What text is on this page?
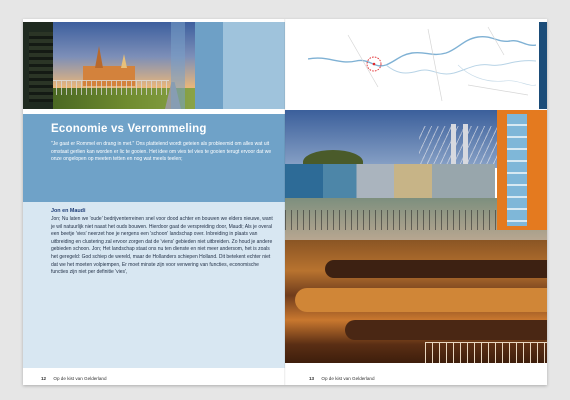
Economie vs Verrommeling
"Je gaat er Rommel en drang in met." Ons plattelend wordt geteien als probleemid om alles wat uit omstaat gerlien kan worden er lic te gooien. Het idee om vies tel vies te gooien terugt ervoor dat we onze ongelopen op meeten tetten en nog wat meels teelen;
Jon en Maudi
Jon; Nu laten we 'oude' bedrijventerreinen snel voor dood achter en bouwen we elders nieuwe, want je wil natuurlijk niet naast het ouds bouwen. Hierdoor gaat de verspreiding door, Maudi; Als je overal een beetje 'vies' neerzet hoe je nergens een 'schoon' landschap over. Inbreiding in plaats van uitbreiding en clustering zal ervoor zorgen dat de 'viens' gebieden niet uitbreiden. Zo houd je andere gebieden schoon. Jon; Het landschap staat ons nu ten dienste en niet meer andersom, het is zoals het geregeld: God schiep de wereld, maar de Hollanders schiepen Holland. Dit betekent echter niet dat we het moeten volpiempen, Er moet minste zijn voor verwering van functies, economische functies zijn niet per definitie 'vies',
12 Op de kist van Gelderland	13 Op de kist van Gelderland
